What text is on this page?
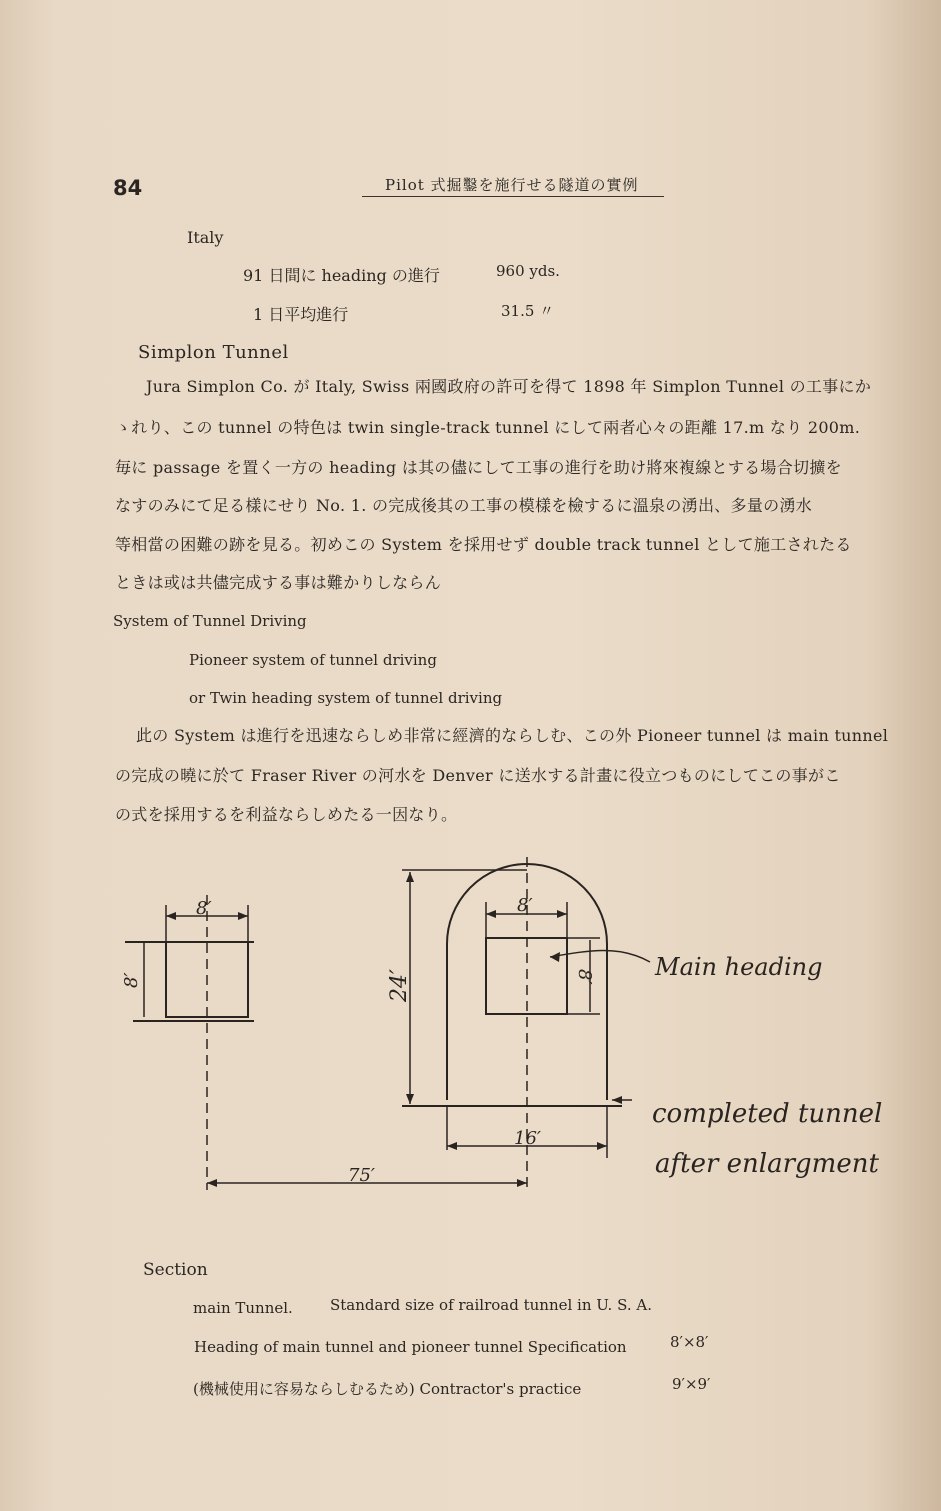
84	Pilot 式掘鑿を施行せる隧道の實例
Italy
91 日間に heading の進行	960 yds.
1 日平均進行	31.5 〃
Simplon Tunnel
Jura Simplon Co. が Italy, Swiss 兩國政府の許可を得て 1898 年 Simplon Tunnel の工事にか
ゝれり、この tunnel の特色は twin single-track tunnel にして兩者心々の距離 17.m なり 200m.
毎に passage を置く一方の heading は其の儘にして工事の進行を助け將來複線とする場合切擴を
なすのみにて足る樣にせり No. 1. の完成後其の工事の模樣を檢するに溫泉の湧出、多量の湧水
等相當の困難の跡を見る。初めこの System を採用せず double track tunnel として施工されたる
ときは或は共儘完成する事は難かりしならん
System of Tunnel Driving
Pioneer system of tunnel driving
or Twin heading system of tunnel driving
此の System は進行を迅速ならしめ非常に經濟的ならしむ、この外 Pioneer tunnel は main tunnel
の完成の曉に於て Fraser River の河水を Denver に送水する計畫に役立つものにしてこの事がこ
の式を採用するを利益ならしめたる一因なり。
8′
8′
8′
8′
24′
16′
75′
Main heading
completed tunnel
after enlargment
Section
main Tunnel. Standard size of railroad tunnel in U. S. A.
Heading of main tunnel and pioneer tunnel Specification	8′×8′
(機械使用に容易ならしむるため) Contractor's practice	9′×9′
